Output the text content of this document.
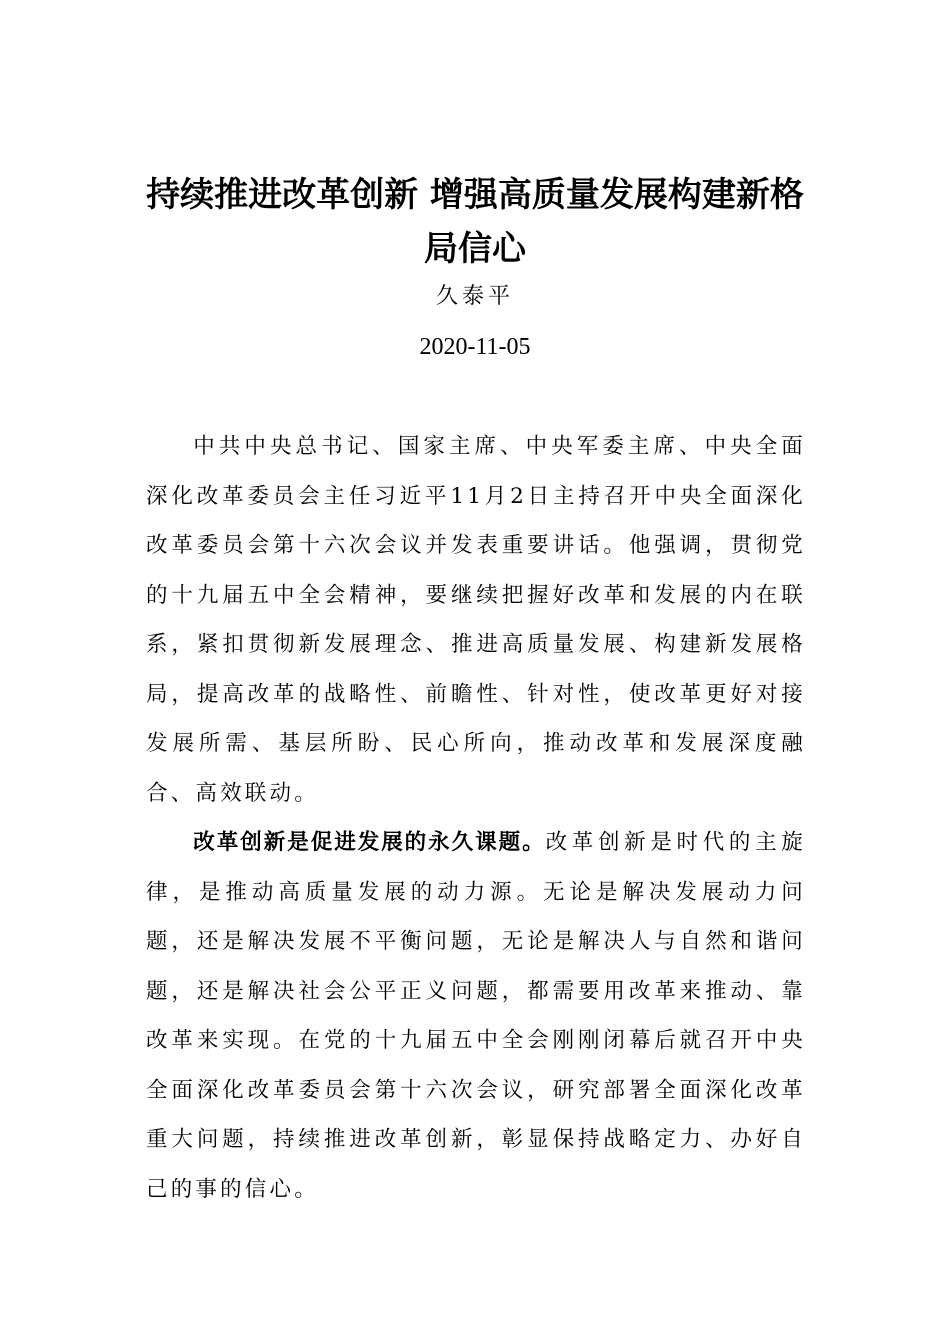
持续推进改革创新 增强高质量发展构建新格局信心
久泰平
2020-11-05

中共中央总书记、国家主席、中央军委主席、中央全面深化改革委员会主任习近平11月2日主持召开中央全面深化改革委员会第十六次会议并发表重要讲话。他强调，贯彻党的十九届五中全会精神，要继续把握好改革和发展的内在联系，紧扣贯彻新发展理念、推进高质量发展、构建新发展格局，提高改革的战略性、前瞻性、针对性，使改革更好对接发展所需、基层所盼、民心所向，推动改革和发展深度融合、高效联动。

改革创新是促进发展的永久课题。改革创新是时代的主旋律，是推动高质量发展的动力源。无论是解决发展动力问题，还是解决发展不平衡问题，无论是解决人与自然和谐问题，还是解决社会公平正义问题，都需要用改革来推动、靠改革来实现。在党的十九届五中全会刚刚闭幕后就召开中央全面深化改革委员会第十六次会议，研究部署全面深化改革重大问题，持续推进改革创新，彰显保持战略定力、办好自己的事的信心。
